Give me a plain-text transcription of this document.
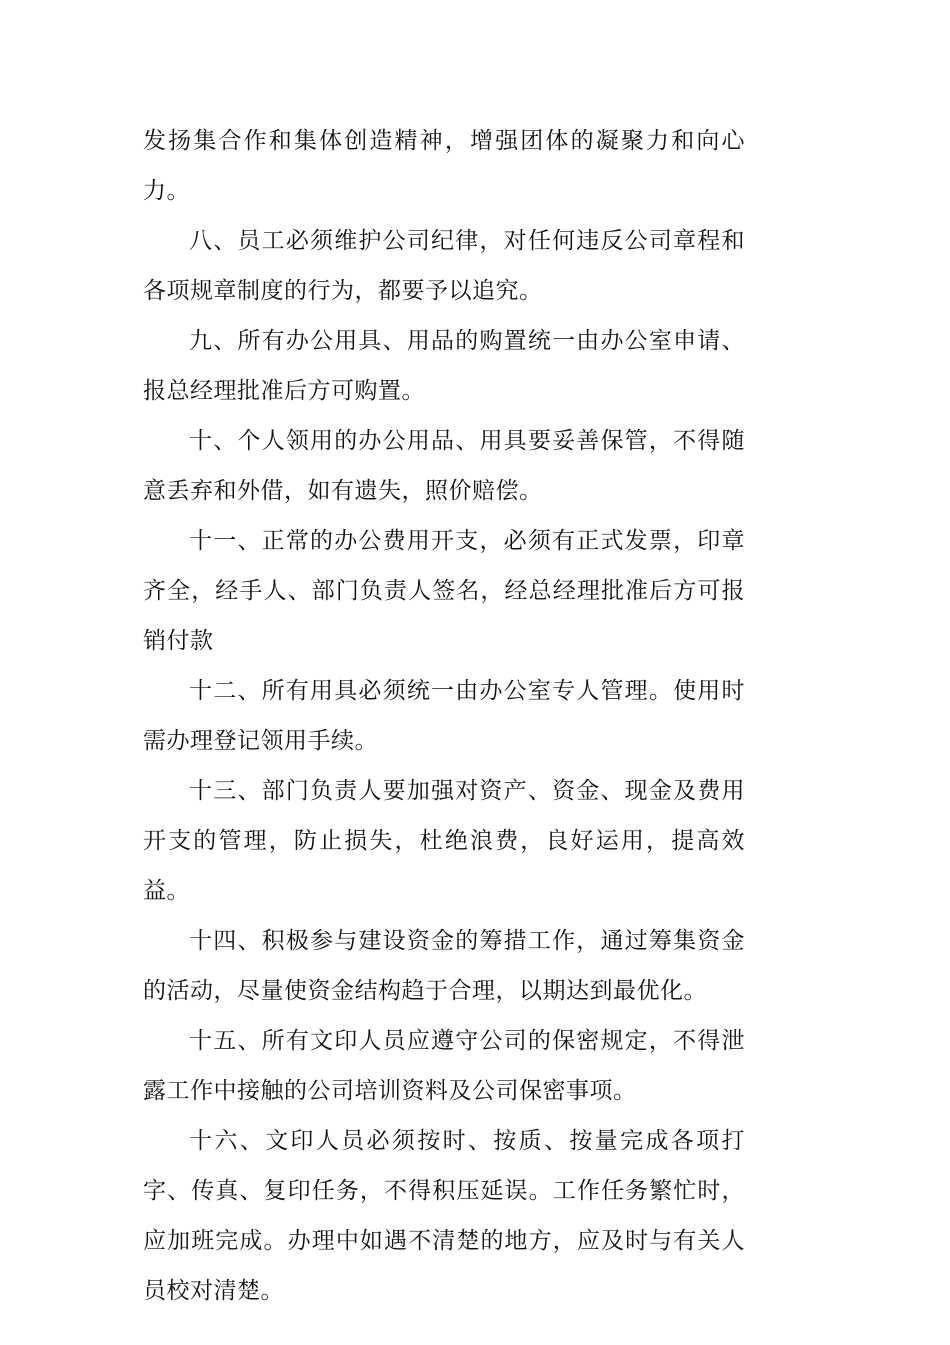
发扬集合作和集体创造精神，增强团体的凝聚力和向心力。

八、员工必须维护公司纪律，对任何违反公司章程和各项规章制度的行为，都要予以追究。

九、所有办公用具、用品的购置统一由办公室申请、报总经理批准后方可购置。

十、个人领用的办公用品、用具要妥善保管，不得随意丢弃和外借，如有遗失，照价赔偿。

十一、正常的办公费用开支，必须有正式发票，印章齐全，经手人、部门负责人签名，经总经理批准后方可报销付款

十二、所有用具必须统一由办公室专人管理。使用时需办理登记领用手续。

十三、部门负责人要加强对资产、资金、现金及费用开支的管理，防止损失，杜绝浪费，良好运用，提高效益。

十四、积极参与建设资金的筹措工作，通过筹集资金的活动，尽量使资金结构趋于合理，以期达到最优化。

十五、所有文印人员应遵守公司的保密规定，不得泄露工作中接触的公司培训资料及公司保密事项。

十六、文印人员必须按时、按质、按量完成各项打字、传真、复印任务，不得积压延误。工作任务繁忙时，应加班完成。办理中如遇不清楚的地方，应及时与有关人员校对清楚。
